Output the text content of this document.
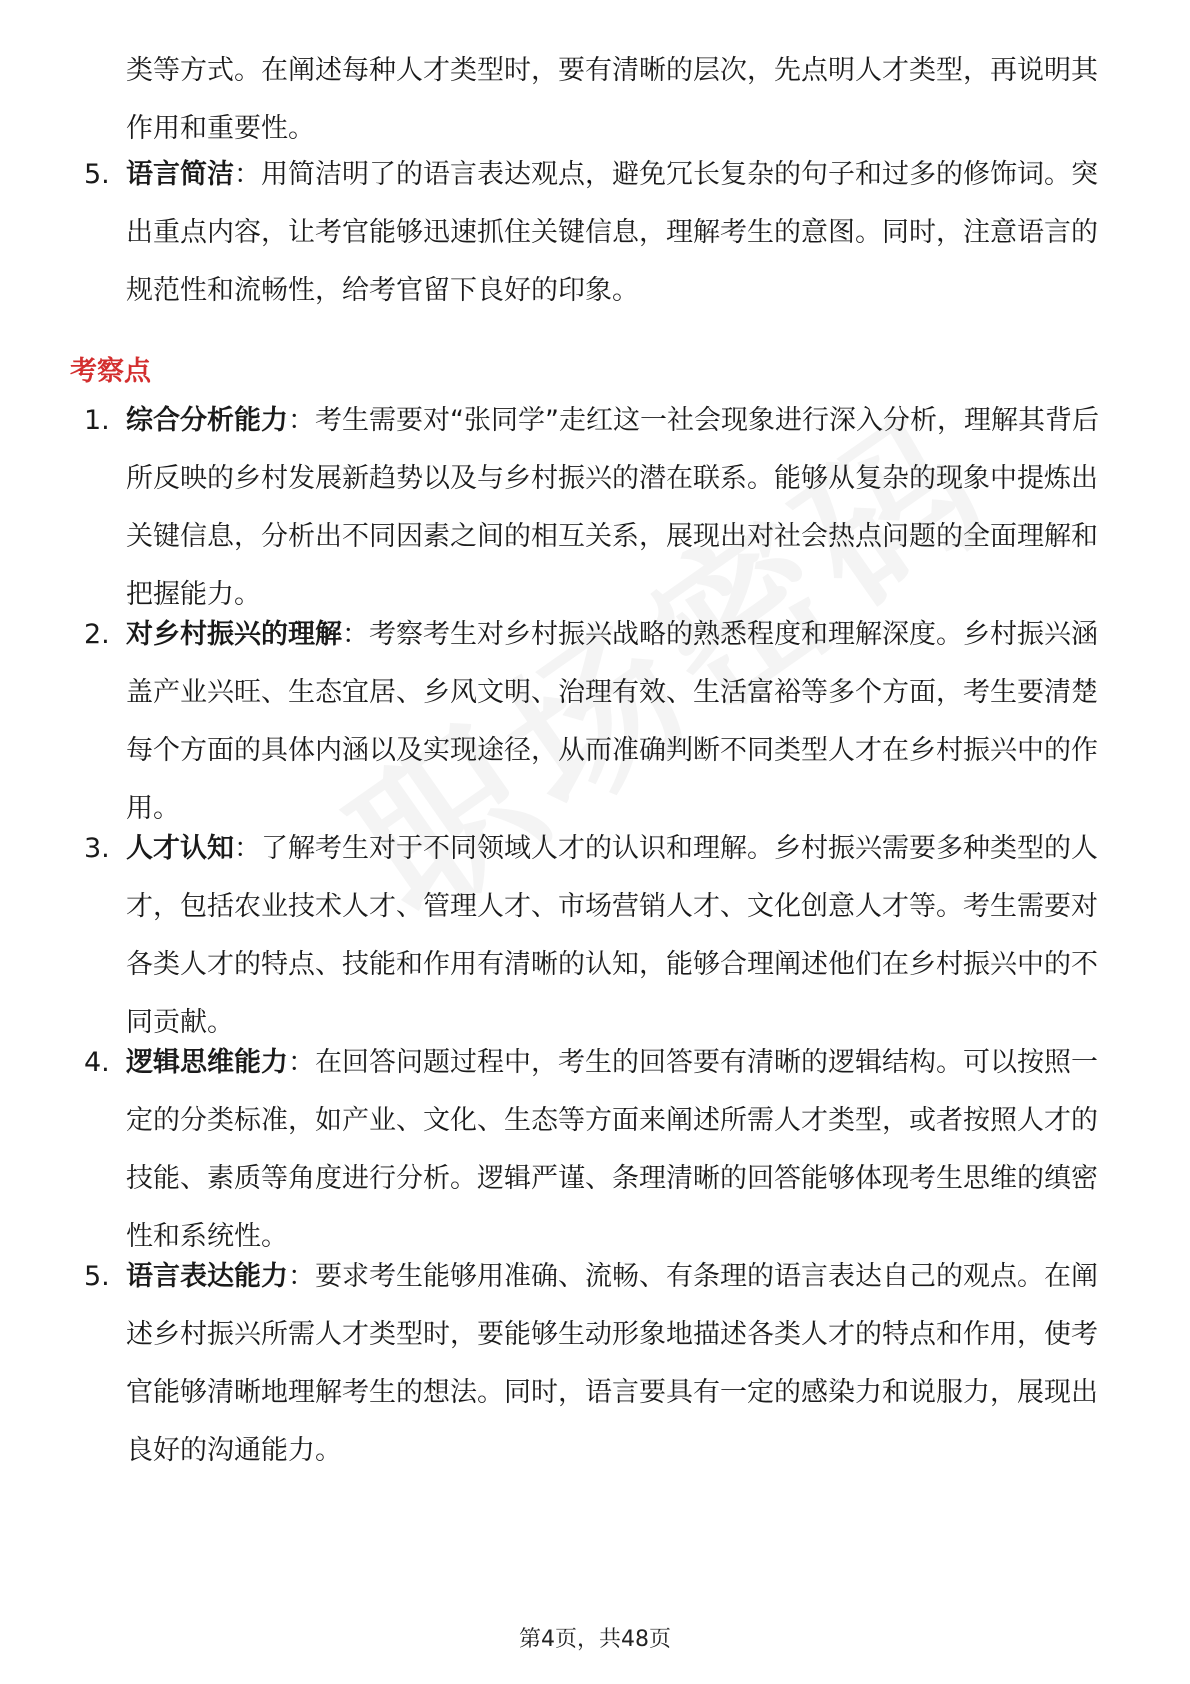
类等方式。在阐述每种人才类型时，要有清晰的层次，先点明人才类型，再说明其作用和重要性。
5. 语言简洁：用简洁明了的语言表达观点，避免冗长复杂的句子和过多的修饰词。突出重点内容，让考官能够迅速抓住关键信息，理解考生的意图。同时，注意语言的规范性和流畅性，给考官留下良好的印象。
考察点
1. 综合分析能力：考生需要对“张同学”走红这一社会现象进行深入分析，理解其背后所反映的乡村发展新趋势以及与乡村振兴的潜在联系。能够从复杂的现象中提炼出关键信息，分析出不同因素之间的相互关系，展现出对社会热点问题的全面理解和把握能力。
2. 对乡村振兴的理解：考察考生对乡村振兴战略的熟悉程度和理解深度。乡村振兴涵盖产业兴旺、生态宜居、乡风文明、治理有效、生活富裕等多个方面，考生要清楚每个方面的具体内涵以及实现途径，从而准确判断不同类型人才在乡村振兴中的作用。
3. 人才认知：了解考生对于不同领域人才的认识和理解。乡村振兴需要多种类型的人才，包括农业技术人才、管理人才、市场营销人才、文化创意人才等。考生需要对各类人才的特点、技能和作用有清晰的认知，能够合理阐述他们在乡村振兴中的不同贡献。
4. 逻辑思维能力：在回答问题过程中，考生的回答要有清晰的逻辑结构。可以按照一定的分类标准，如产业、文化、生态等方面来阐述所需人才类型，或者按照人才的技能、素质等角度进行分析。逻辑严谨、条理清晰的回答能够体现考生思维的缜密性和系统性。
5. 语言表达能力：要求考生能够用准确、流畅、有条理的语言表达自己的观点。在阐述乡村振兴所需人才类型时，要能够生动形象地描述各类人才的特点和作用，使考官能够清晰地理解考生的想法。同时，语言要具有一定的感染力和说服力，展现出良好的沟通能力。
第4页，共48页
